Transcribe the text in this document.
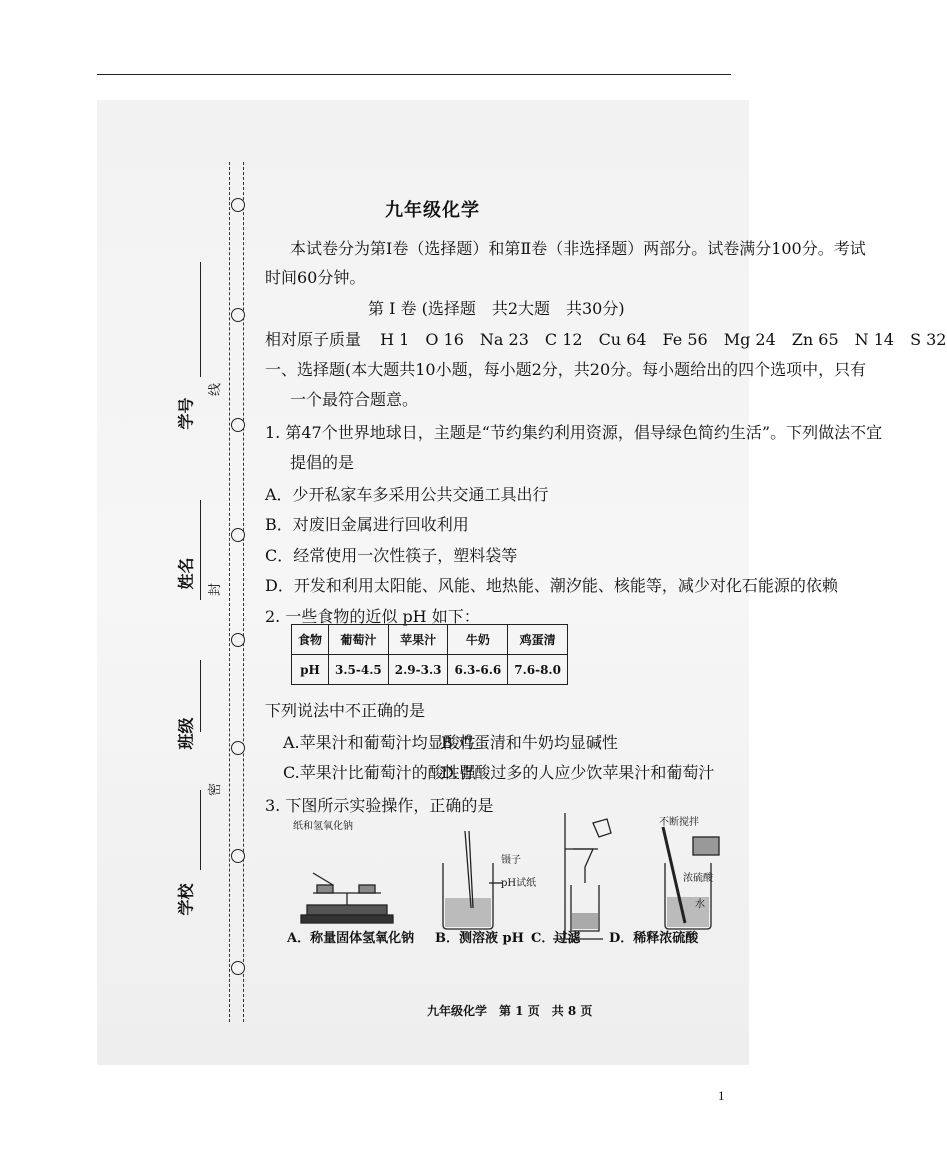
学号
姓名
班级
学校
线
封
密
九年级化学
本试卷分为第Ⅰ卷（选择题）和第Ⅱ卷（非选择题）两部分。试卷满分100分。考试
时间60分钟。
第 Ⅰ 卷 (选择题　共2大题　共30分)
相对原子质量 H 1　O 16　Na 23　C 12　Cu 64　Fe 56　Mg 24　Zn 65　N 14　S 32
一、选择题(本大题共10小题，每小题2分，共20分。每小题给出的四个选项中，只有
一个最符合题意。
1. 第47个世界地球日，主题是“节约集约利用资源，倡导绿色简约生活”。下列做法不宜
提倡的是
A．少开私家车多采用公共交通工具出行
B．对废旧金属进行回收利用
C．经常使用一次性筷子，塑料袋等
D．开发和利用太阳能、风能、地热能、潮汐能、核能等，减少对化石能源的依赖
2. 一些食物的近似 pH 如下：
食物	葡萄汁	苹果汁	牛奶	鸡蛋清
pH	3.5-4.5	2.9-3.3	6.3-6.6	7.6-8.0
下列说法中不正确的是
A.苹果汁和葡萄汁均显酸性
B.鸡蛋清和牛奶均显碱性
C.苹果汁比葡萄汁的酸性强
D.胃酸过多的人应少饮苹果汁和葡萄汁
3. 下图所示实验操作，正确的是
纸和氢氧化钠
镊子
pH试纸
不断搅拌
浓硫酸
水
A．称量固体氢氧化钠 B．测溶液 pH C．过滤 D．稀释浓硫酸
九年级化学　第 1 页　共 8 页
1
